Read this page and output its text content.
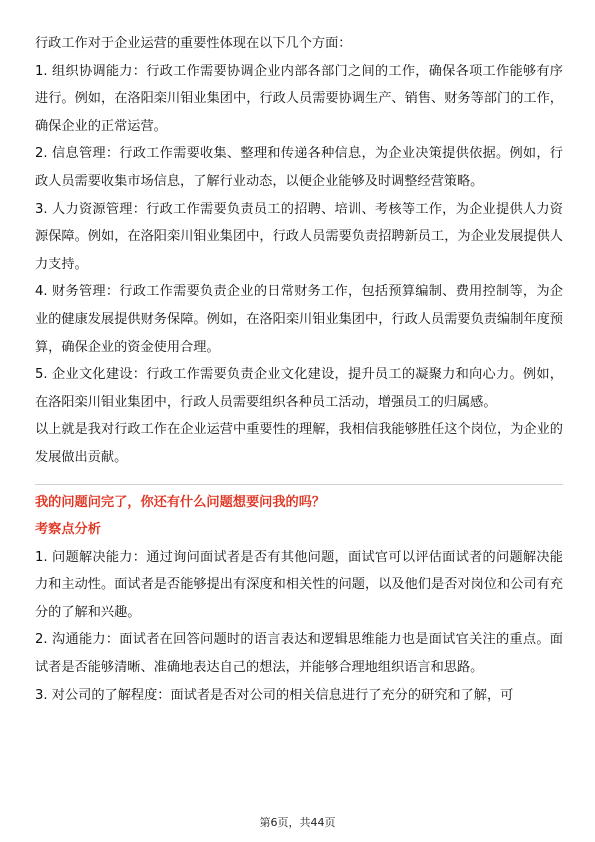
行政工作对于企业运营的重要性体现在以下几个方面：

1. 组织协调能力：行政工作需要协调企业内部各部门之间的工作，确保各项工作能够有序进行。例如，在洛阳栾川钼业集团中，行政人员需要协调生产、销售、财务等部门的工作，确保企业的正常运营。

2. 信息管理：行政工作需要收集、整理和传递各种信息，为企业决策提供依据。例如，行政人员需要收集市场信息，了解行业动态，以便企业能够及时调整经营策略。

3. 人力资源管理：行政工作需要负责员工的招聘、培训、考核等工作，为企业提供人力资源保障。例如，在洛阳栾川钼业集团中，行政人员需要负责招聘新员工，为企业发展提供人力支持。

4. 财务管理：行政工作需要负责企业的日常财务工作，包括预算编制、费用控制等，为企业的健康发展提供财务保障。例如，在洛阳栾川钼业集团中，行政人员需要负责编制年度预算，确保企业的资金使用合理。

5. 企业文化建设：行政工作需要负责企业文化建设，提升员工的凝聚力和向心力。例如，在洛阳栾川钼业集团中，行政人员需要组织各种员工活动，增强员工的归属感。

以上就是我对行政工作在企业运营中重要性的理解，我相信我能够胜任这个岗位，为企业的发展做出贡献。

我的问题问完了，你还有什么问题想要问我的吗？

考察点分析

1. 问题解决能力：通过询问面试者是否有其他问题，面试官可以评估面试者的问题解决能力和主动性。面试者是否能够提出有深度和相关性的问题，以及他们是否对岗位和公司有充分的了解和兴趣。

2. 沟通能力：面试者在回答问题时的语言表达和逻辑思维能力也是面试官关注的重点。面试者是否能够清晰、准确地表达自己的想法，并能够合理地组织语言和思路。

3. 对公司的了解程度：面试者是否对公司的相关信息进行了充分的研究和了解，可

第6页，共44页
